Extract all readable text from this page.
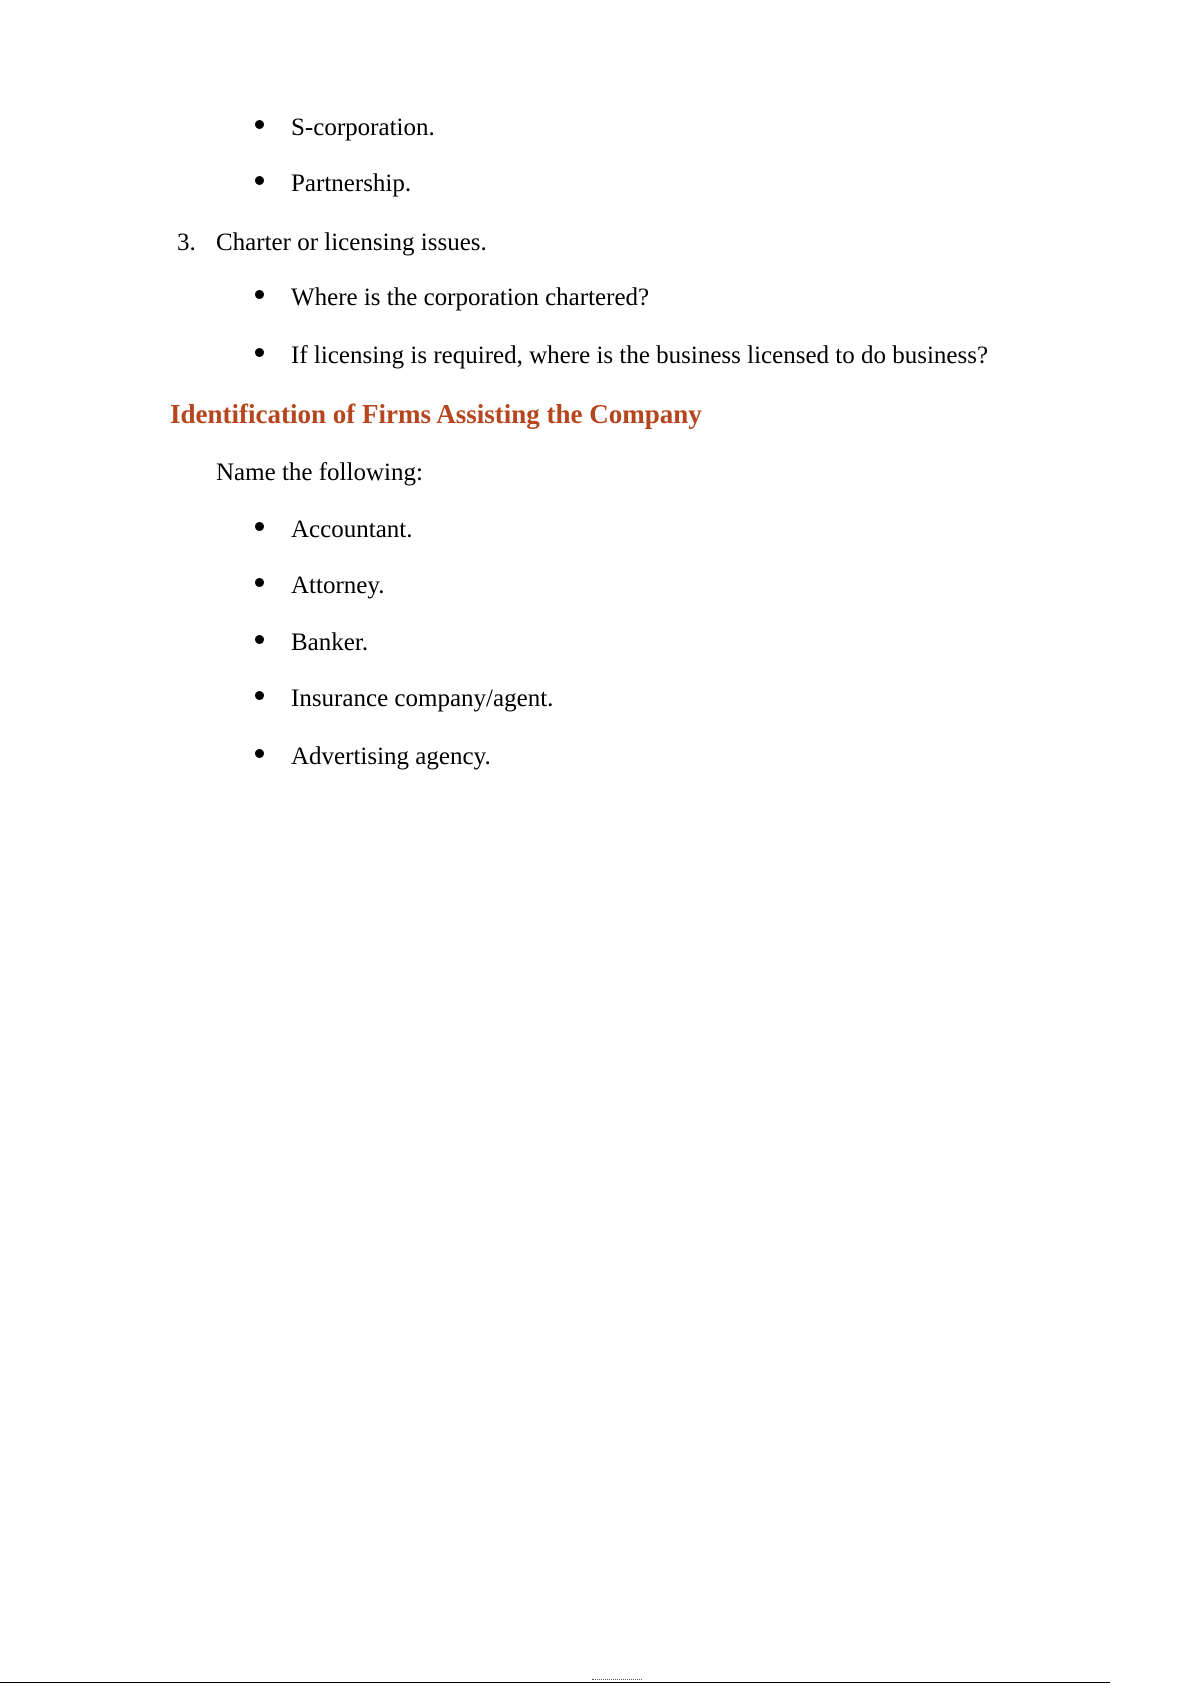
S-corporation.
Partnership.
3. Charter or licensing issues.
Where is the corporation chartered?
If licensing is required, where is the business licensed to do business?
Identification of Firms Assisting the Company
Name the following:
Accountant.
Attorney.
Banker.
Insurance company/agent.
Advertising agency.
